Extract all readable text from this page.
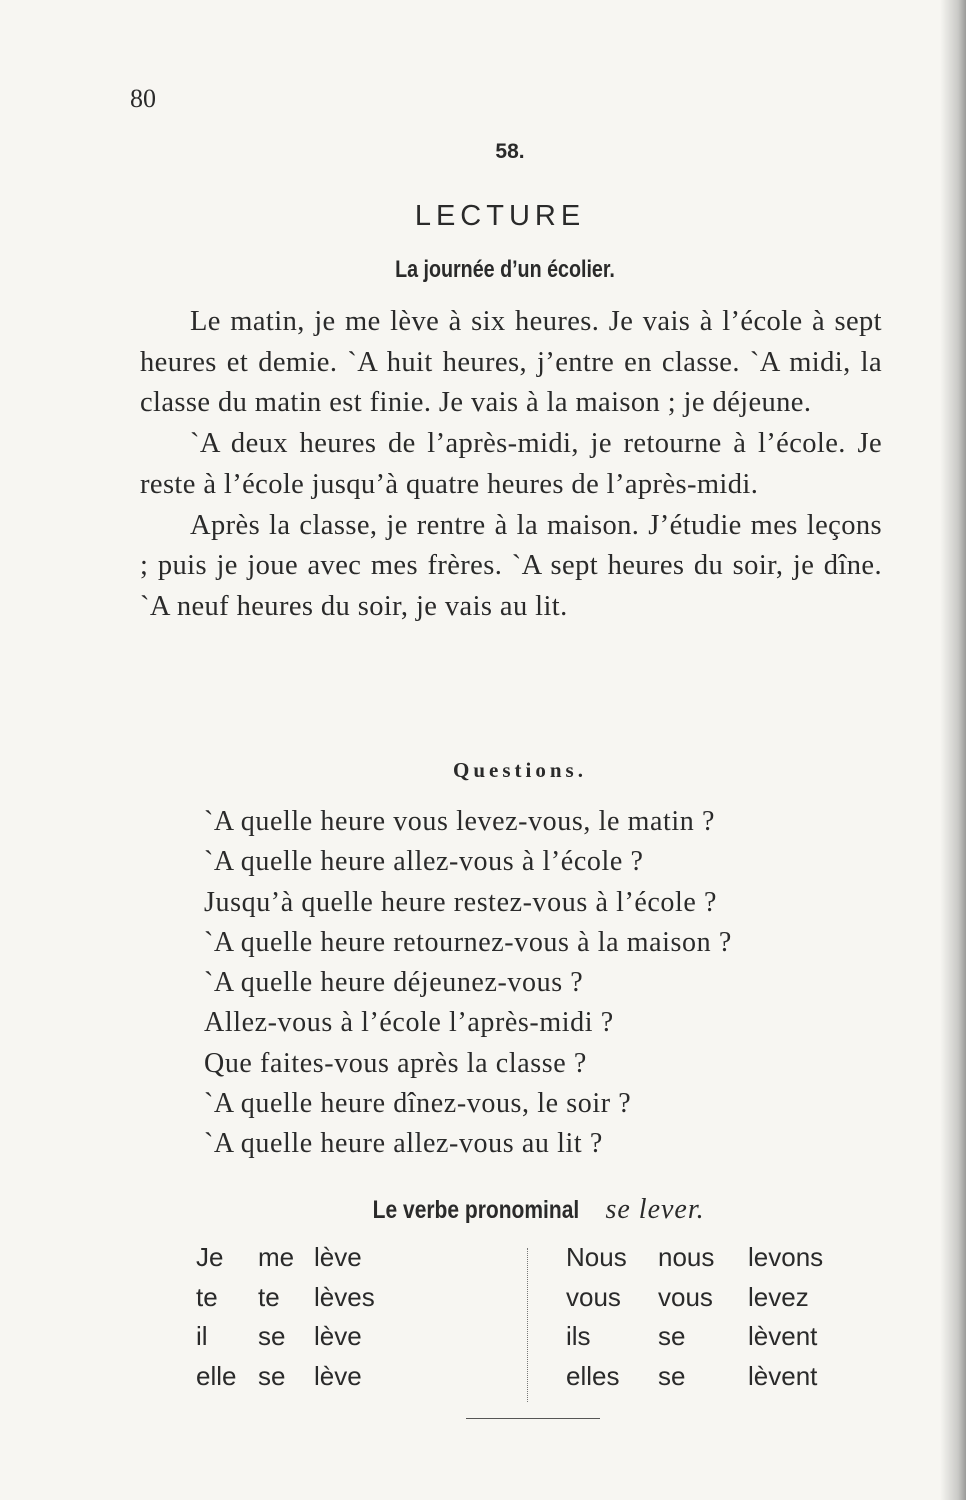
80
58.
LECTURE
La journée d’un écolier.

Le matin, je me lève à six heures. Je vais à l’école à sept heures et demie. `A huit heures, j’entre en classe. `A midi, la classe du matin est finie. Je vais à la maison ; je déjeune.

`A deux heures de l’après-midi, je retourne à l’école. Je reste à l’école jusqu’à quatre heures de l’après-midi.

Après la classe, je rentre à la maison. J’étudie mes leçons ; puis je joue avec mes frères. `A sept heures du soir, je dîne. `A neuf heures du soir, je vais au lit.

Questions.
`A quelle heure vous levez-vous, le matin ?
`A quelle heure allez-vous à l’école ?
Jusqu’à quelle heure restez-vous à l’école ?
`A quelle heure retournez-vous à la maison ?
`A quelle heure déjeunez-vous ?
Allez-vous à l’école l’après-midi ?
Que faites-vous après la classe ?
`A quelle heure dînez-vous, le soir ?
`A quelle heure allez-vous au lit ?
Le verbe pronominal se lever.
Je me lève
te te lèves
il se lève
elle se lève
Nous nous levons
vous vous levez
ils	se lèvent
elles se lèvent
